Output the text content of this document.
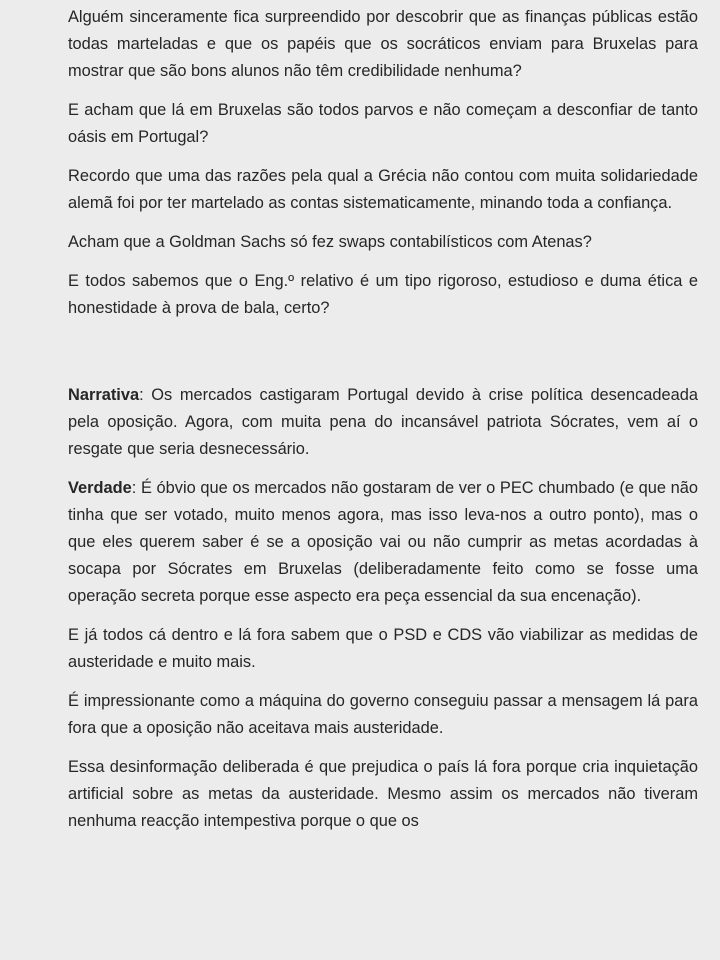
Alguém sinceramente fica surpreendido por descobrir que as finanças públicas estão todas marteladas e que os papéis que os socráticos enviam para Bruxelas para mostrar que são bons alunos não têm credibilidade nenhuma?

E acham que lá em Bruxelas são todos parvos e não começam a desconfiar de tanto oásis em Portugal?

Recordo que uma das razões pela qual a Grécia não contou com muita solidariedade alemã foi por ter martelado as contas sistematicamente, minando toda a confiança.

Acham que a Goldman Sachs só fez swaps contabilísticos com Atenas?

E todos sabemos que o Eng.º relativo é um tipo rigoroso, estudioso e duma ética e honestidade à prova de bala, certo?

Narrativa: Os mercados castigaram Portugal devido à crise política desencadeada pela oposição. Agora, com muita pena do incansável patriota Sócrates, vem aí o resgate que seria desnecessário.

Verdade: É óbvio que os mercados não gostaram de ver o PEC chumbado (e que não tinha que ser votado, muito menos agora, mas isso leva-nos a outro ponto), mas o que eles querem saber é se a oposição vai ou não cumprir as metas acordadas à socapa por Sócrates em Bruxelas (deliberadamente feito como se fosse uma operação secreta porque esse aspecto era peça essencial da sua encenação).

E já todos cá dentro e lá fora sabem que o PSD e CDS vão viabilizar as medidas de austeridade e muito mais.

É impressionante como a máquina do governo conseguiu passar a mensagem lá para fora que a oposição não aceitava mais austeridade.

Essa desinformação deliberada é que prejudica o país lá fora porque cria inquietação artificial sobre as metas da austeridade. Mesmo assim os mercados não tiveram nenhuma reacção intempestiva porque o que os
